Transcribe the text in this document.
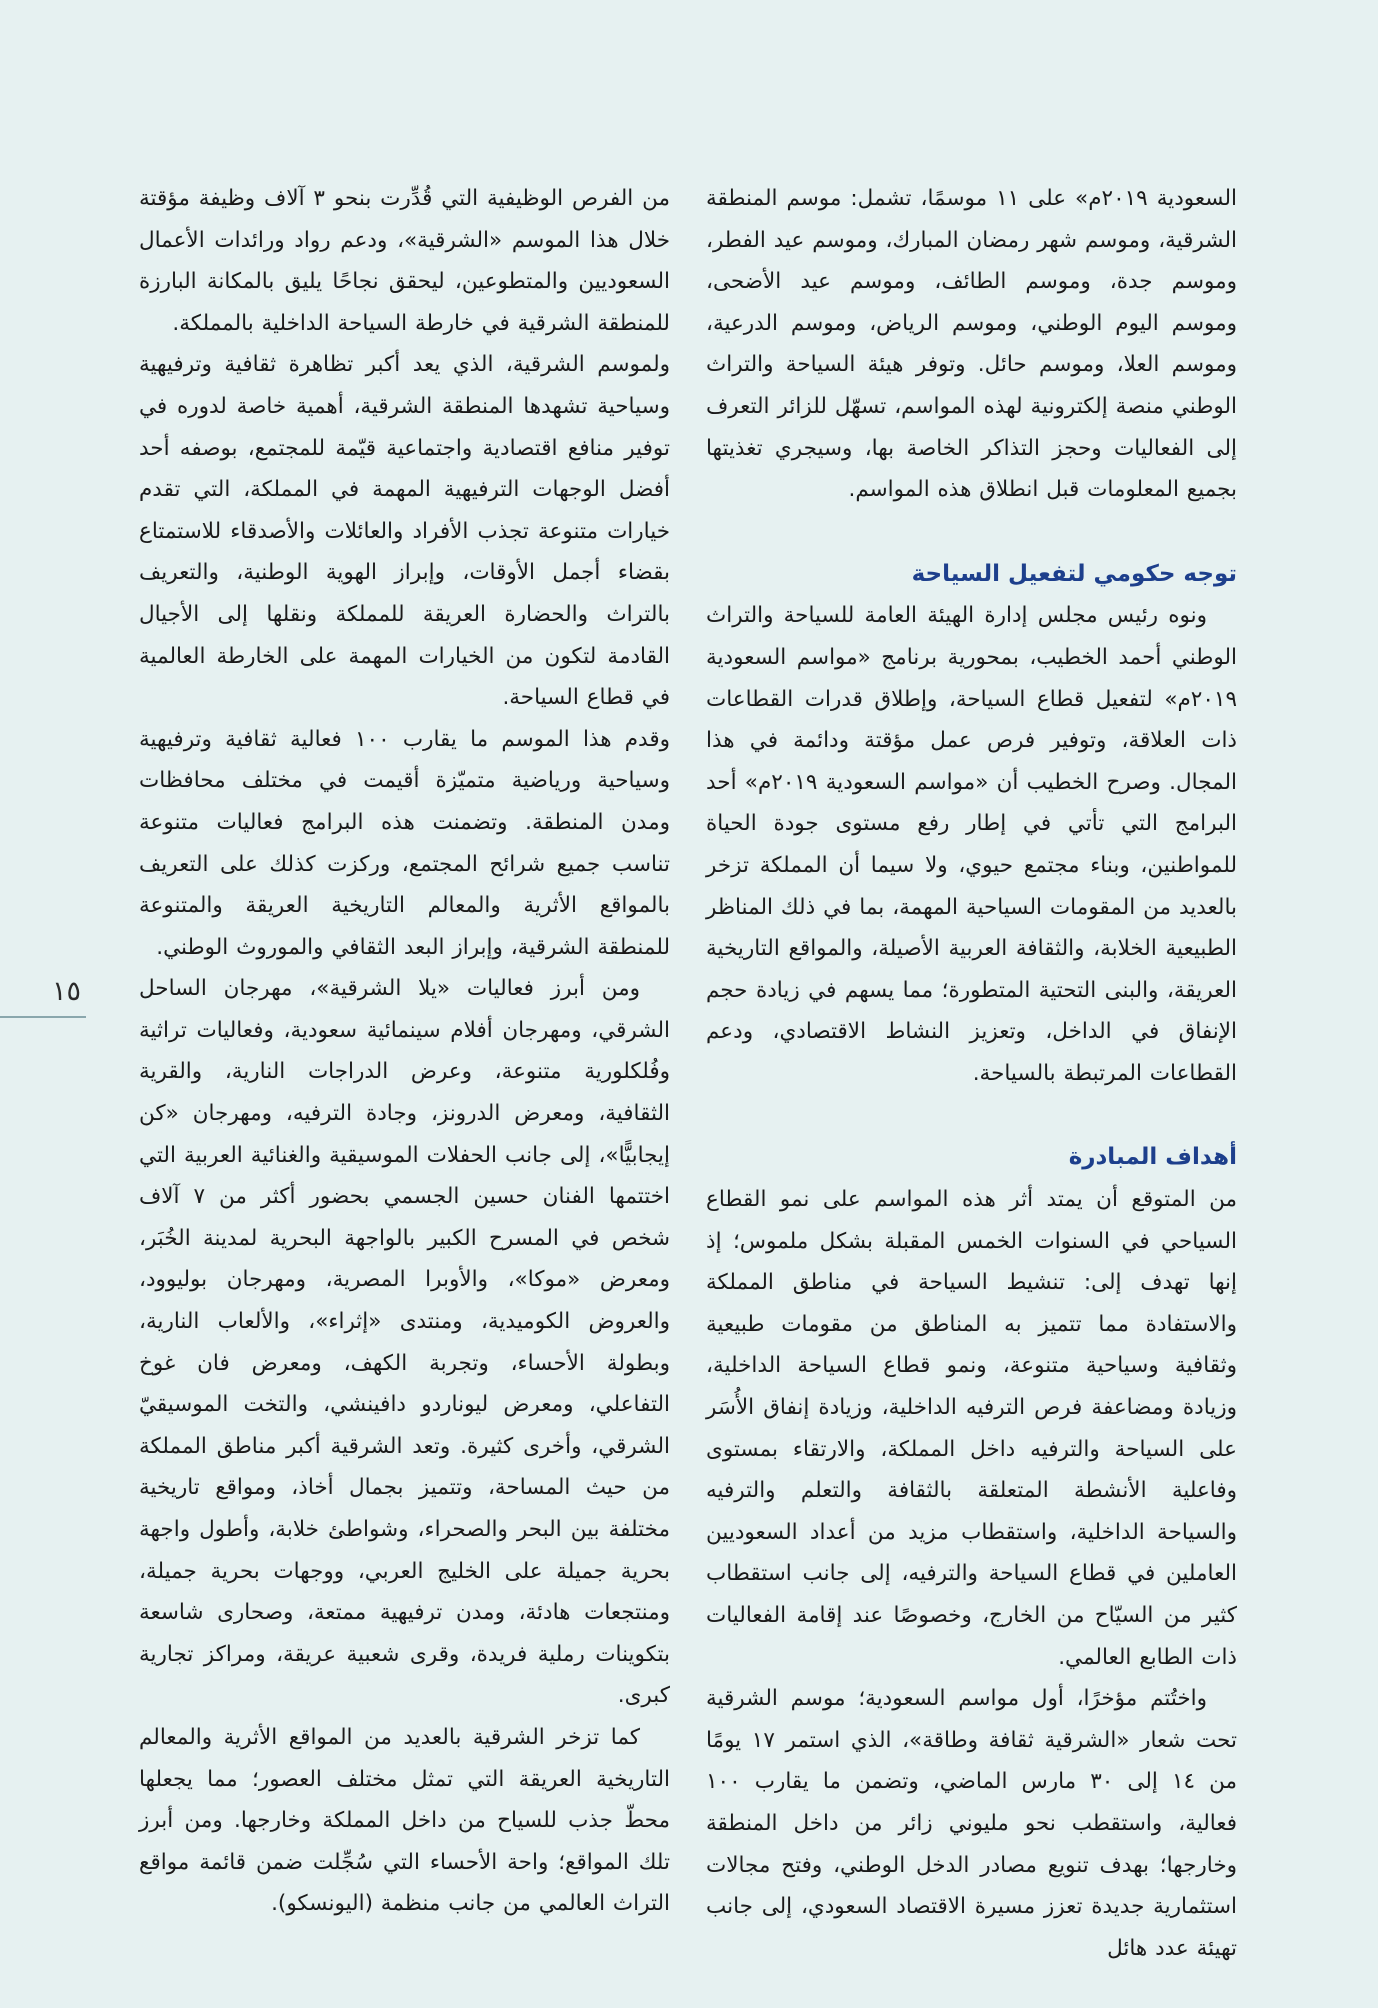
السعودية ٢٠١٩م» على ١١ موسمًا، تشمل: موسم المنطقة الشرقية، وموسم شهر رمضان المبارك، وموسم عيد الفطر، وموسم جدة، وموسم الطائف، وموسم عيد الأضحى، وموسم اليوم الوطني، وموسم الرياض، وموسم الدرعية، وموسم العلا، وموسم حائل. وتوفر هيئة السياحة والتراث الوطني منصة إلكترونية لهذه المواسم، تسهّل للزائر التعرف إلى الفعاليات وحجز التذاكر الخاصة بها، وسيجري تغذيتها بجميع المعلومات قبل انطلاق هذه المواسم.

توجه حكومي لتفعيل السياحة

ونوه رئيس مجلس إدارة الهيئة العامة للسياحة والتراث الوطني أحمد الخطيب، بمحورية برنامج «مواسم السعودية ٢٠١٩م» لتفعيل قطاع السياحة، وإطلاق قدرات القطاعات ذات العلاقة، وتوفير فرص عمل مؤقتة ودائمة في هذا المجال. وصرح الخطيب أن «مواسم السعودية ٢٠١٩م» أحد البرامج التي تأتي في إطار رفع مستوى جودة الحياة للمواطنين، وبناء مجتمع حيوي، ولا سيما أن المملكة تزخر بالعديد من المقومات السياحية المهمة، بما في ذلك المناظر الطبيعية الخلابة، والثقافة العربية الأصيلة، والمواقع التاريخية العريقة، والبنى التحتية المتطورة؛ مما يسهم في زيادة حجم الإنفاق في الداخل، وتعزيز النشاط الاقتصادي، ودعم القطاعات المرتبطة بالسياحة.

أهداف المبادرة

من المتوقع أن يمتد أثر هذه المواسم على نمو القطاع السياحي في السنوات الخمس المقبلة بشكل ملموس؛ إذ إنها تهدف إلى: تنشيط السياحة في مناطق المملكة والاستفادة مما تتميز به المناطق من مقومات طبيعية وثقافية وسياحية متنوعة، ونمو قطاع السياحة الداخلية، وزيادة ومضاعفة فرص الترفيه الداخلية، وزيادة إنفاق الأُسَر على السياحة والترفيه داخل المملكة، والارتقاء بمستوى وفاعلية الأنشطة المتعلقة بالثقافة والتعلم والترفيه والسياحة الداخلية، واستقطاب مزيد من أعداد السعوديين العاملين في قطاع السياحة والترفيه، إلى جانب استقطاب كثير من السيّاح من الخارج، وخصوصًا عند إقامة الفعاليات ذات الطابع العالمي.

واختُتم مؤخرًا، أول مواسم السعودية؛ موسم الشرقية تحت شعار «الشرقية ثقافة وطاقة»، الذي استمر ١٧ يومًا من ١٤ إلى ٣٠ مارس الماضي، وتضمن ما يقارب ١٠٠ فعالية، واستقطب نحو مليوني زائر من داخل المنطقة وخارجها؛ بهدف تنويع مصادر الدخل الوطني، وفتح مجالات استثمارية جديدة تعزز مسيرة الاقتصاد السعودي، إلى جانب تهيئة عدد هائل

من الفرص الوظيفية التي قُدِّرت بنحو ٣ آلاف وظيفة مؤقتة خلال هذا الموسم «الشرقية»، ودعم رواد ورائدات الأعمال السعوديين والمتطوعين، ليحقق نجاحًا يليق بالمكانة البارزة للمنطقة الشرقية في خارطة السياحة الداخلية بالمملكة.

ولموسم الشرقية، الذي يعد أكبر تظاهرة ثقافية وترفيهية وسياحية تشهدها المنطقة الشرقية، أهمية خاصة لدوره في توفير منافع اقتصادية واجتماعية قيّمة للمجتمع، بوصفه أحد أفضل الوجهات الترفيهية المهمة في المملكة، التي تقدم خيارات متنوعة تجذب الأفراد والعائلات والأصدقاء للاستمتاع بقضاء أجمل الأوقات، وإبراز الهوية الوطنية، والتعريف بالتراث والحضارة العريقة للمملكة ونقلها إلى الأجيال القادمة لتكون من الخيارات المهمة على الخارطة العالمية في قطاع السياحة.

وقدم هذا الموسم ما يقارب ١٠٠ فعالية ثقافية وترفيهية وسياحية ورياضية متميّزة أقيمت في مختلف محافظات ومدن المنطقة. وتضمنت هذه البرامج فعاليات متنوعة تناسب جميع شرائح المجتمع، وركزت كذلك على التعريف بالمواقع الأثرية والمعالم التاريخية العريقة والمتنوعة للمنطقة الشرقية، وإبراز البعد الثقافي والموروث الوطني.

ومن أبرز فعاليات «يلا الشرقية»، مهرجان الساحل الشرقي، ومهرجان أفلام سينمائية سعودية، وفعاليات تراثية وفُلكلورية متنوعة، وعرض الدراجات النارية، والقرية الثقافية، ومعرض الدرونز، وجادة الترفيه، ومهرجان «كن إيجابيًّا»، إلى جانب الحفلات الموسيقية والغنائية العربية التي اختتمها الفنان حسين الجسمي بحضور أكثر من ٧ آلاف شخص في المسرح الكبير بالواجهة البحرية لمدينة الخُبَر، ومعرض «موكا»، والأوبرا المصرية، ومهرجان بوليوود، والعروض الكوميدية، ومنتدى «إثراء»، والألعاب النارية، وبطولة الأحساء، وتجربة الكهف، ومعرض فان غوخ التفاعلي، ومعرض ليوناردو دافينشي، والتخت الموسيقيّ الشرقي، وأخرى كثيرة. وتعد الشرقية أكبر مناطق المملكة من حيث المساحة، وتتميز بجمال أخاذ، ومواقع تاريخية مختلفة بين البحر والصحراء، وشواطئ خلابة، وأطول واجهة بحرية جميلة على الخليج العربي، ووجهات بحرية جميلة، ومنتجعات هادئة، ومدن ترفيهية ممتعة، وصحارى شاسعة بتكوينات رملية فريدة، وقرى شعبية عريقة، ومراكز تجارية كبرى.

كما تزخر الشرقية بالعديد من المواقع الأثرية والمعالم التاريخية العريقة التي تمثل مختلف العصور؛ مما يجعلها محطّ جذب للسياح من داخل المملكة وخارجها. ومن أبرز تلك المواقع؛ واحة الأحساء التي سُجِّلت ضمن قائمة مواقع التراث العالمي من جانب منظمة (اليونسكو).

١٥
